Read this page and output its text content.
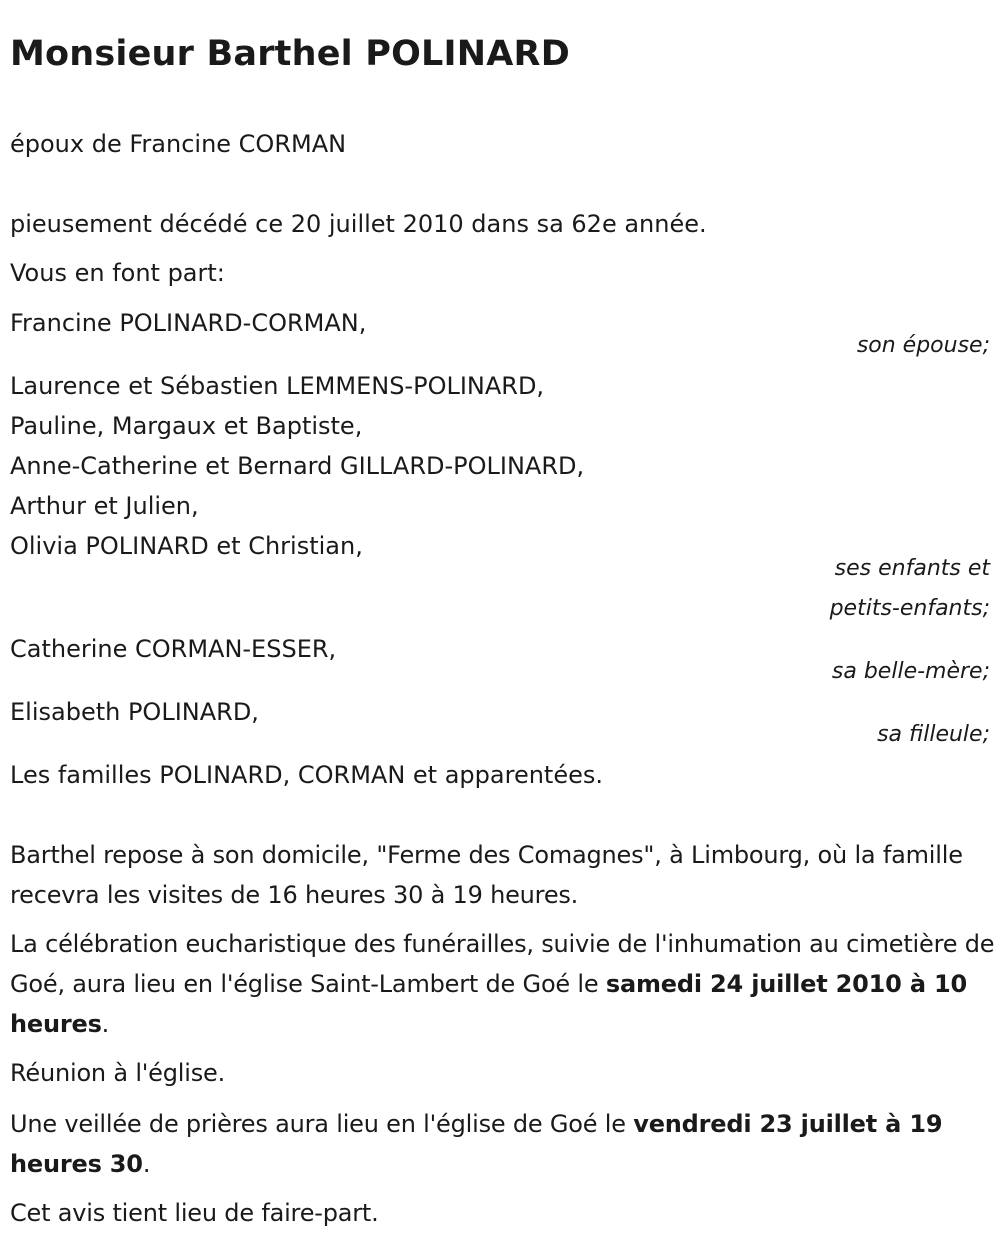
Monsieur Barthel POLINARD
époux de Francine CORMAN
pieusement décédé ce 20 juillet 2010 dans sa 62e année.
Vous en font part:
Francine POLINARD-CORMAN,
son épouse;
Laurence et Sébastien LEMMENS-POLINARD,
Pauline, Margaux et Baptiste,
Anne-Catherine et Bernard GILLARD-POLINARD,
Arthur et Julien,
Olivia POLINARD et Christian,
ses enfants et
petits-enfants;
Catherine CORMAN-ESSER,
sa belle-mère;
Elisabeth POLINARD,
sa filleule;
Les familles POLINARD, CORMAN et apparentées.
Barthel repose à son domicile, "Ferme des Comagnes", à Limbourg, où la famille recevra les visites de 16 heures 30 à 19 heures.
La célébration eucharistique des funérailles, suivie de l'inhumation au cimetière de Goé, aura lieu en l'église Saint-Lambert de Goé le samedi 24 juillet 2010 à 10 heures.
Réunion à l'église.
Une veillée de prières aura lieu en l'église de Goé le vendredi 23 juillet à 19 heures 30.
Cet avis tient lieu de faire-part.
